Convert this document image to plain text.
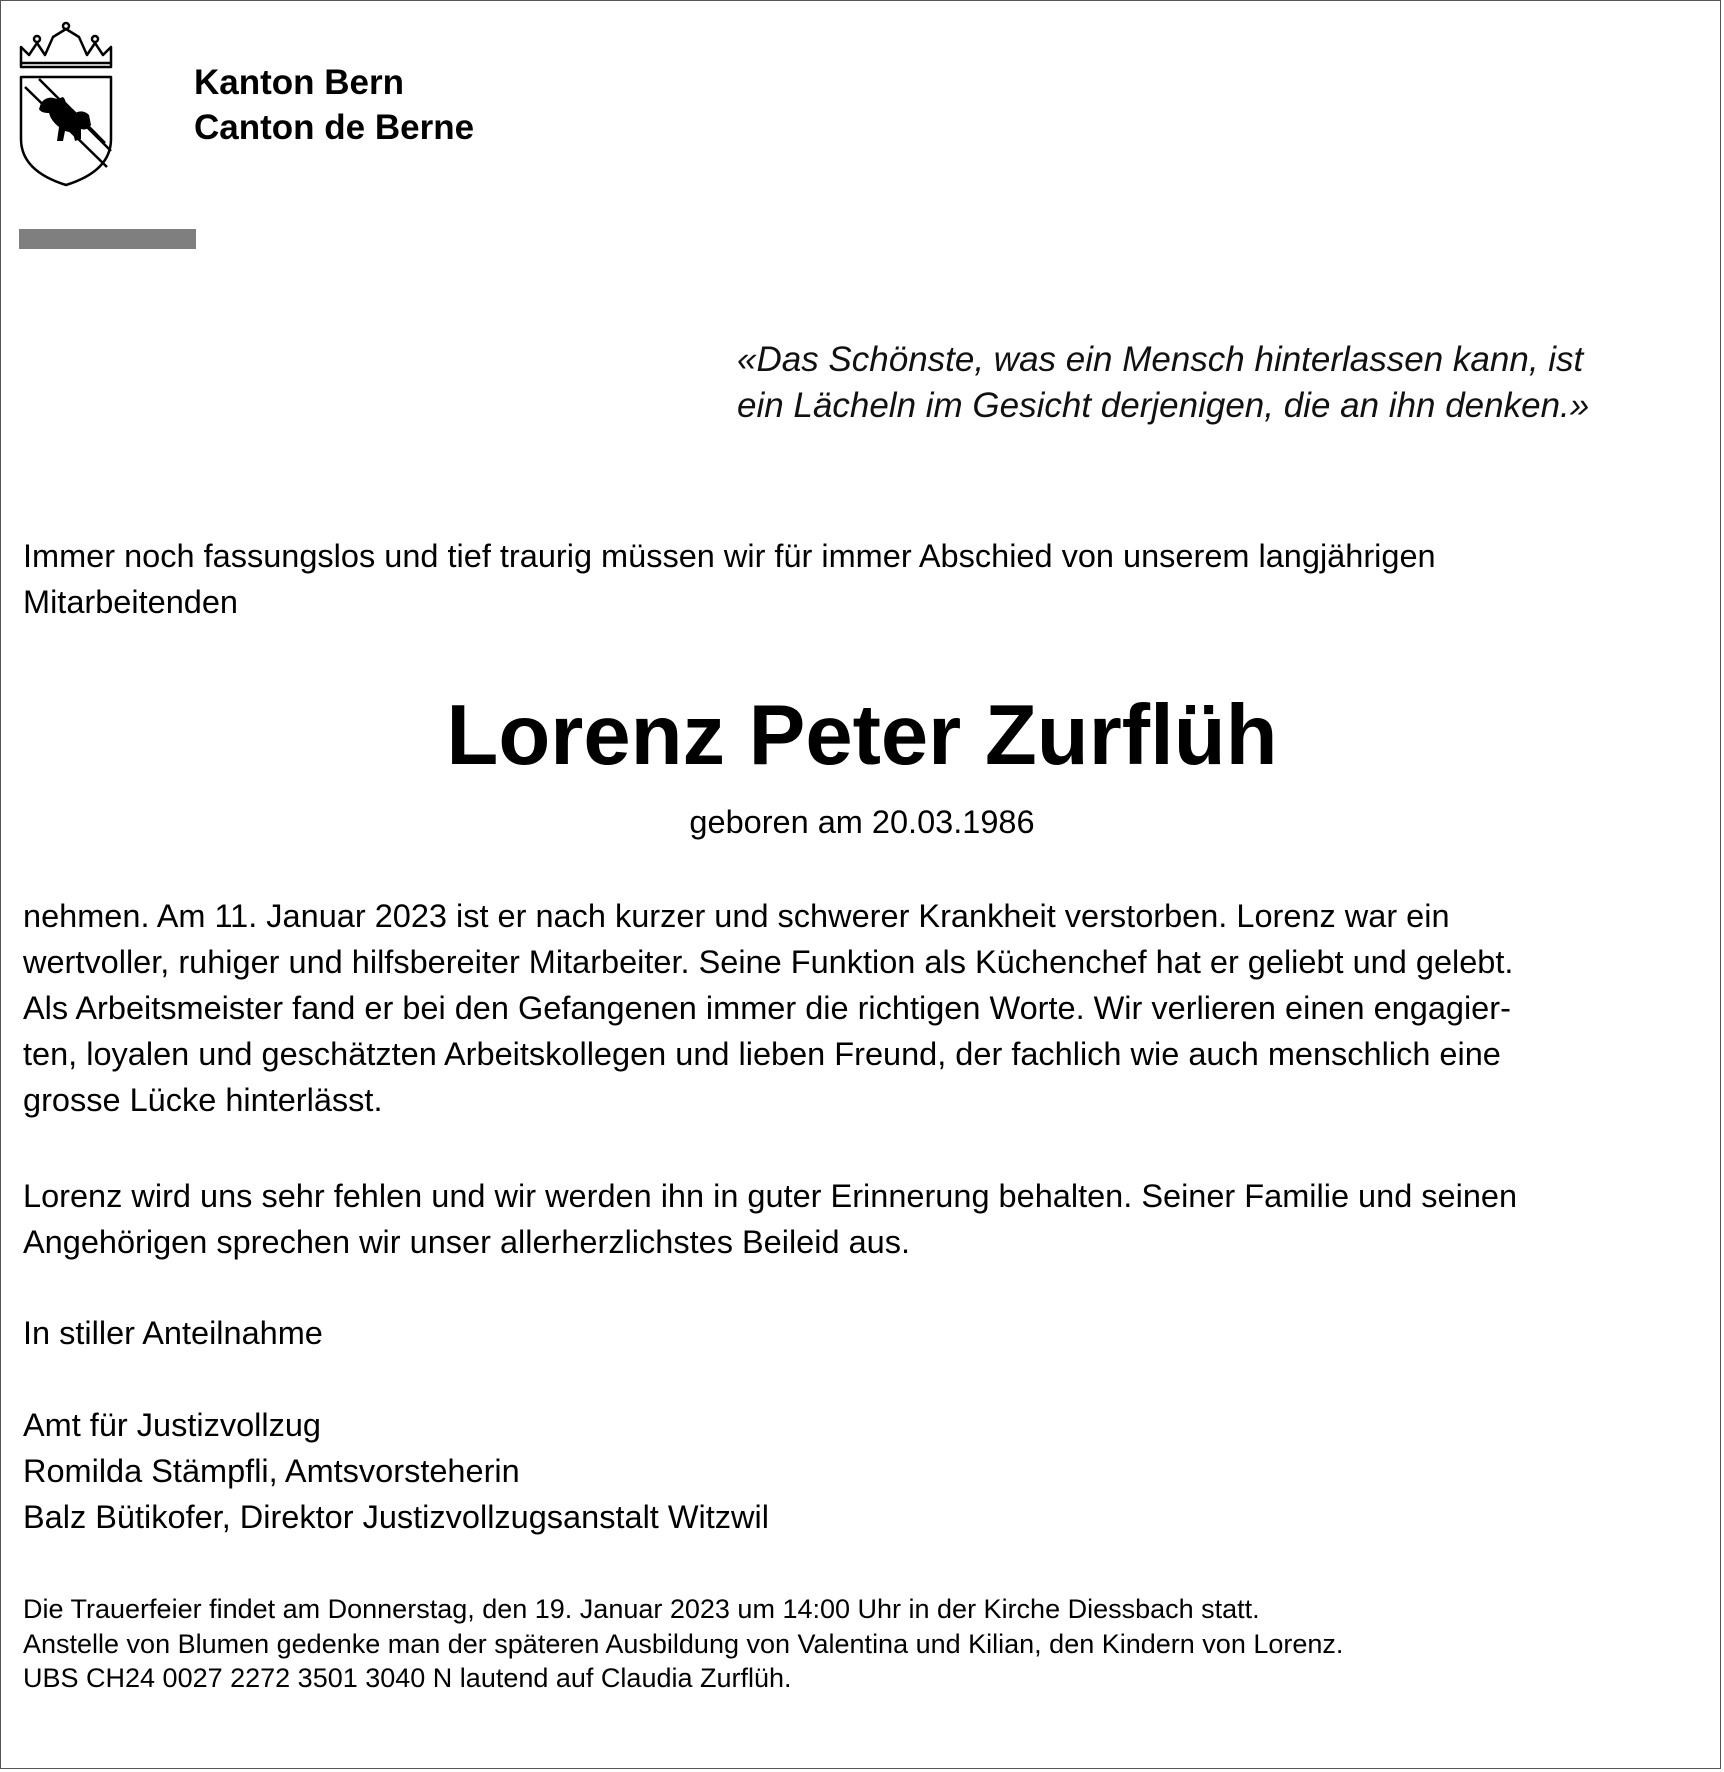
Kanton Bern
Canton de Berne
«Das Schönste, was ein Mensch hinterlassen kann, ist
ein Lächeln im Gesicht derjenigen, die an ihn denken.»
Immer noch fassungslos und tief traurig müssen wir für immer Abschied von unserem langjährigen
Mitarbeitenden
Lorenz Peter Zurflüh
geboren am 20.03.1986
nehmen. Am 11. Januar 2023 ist er nach kurzer und schwerer Krankheit verstorben. Lorenz war ein
wertvoller, ruhiger und hilfsbereiter Mitarbeiter. Seine Funktion als Küchenchef hat er geliebt und gelebt.
Als Arbeitsmeister fand er bei den Gefangenen immer die richtigen Worte. Wir verlieren einen engagier-
ten, loyalen und geschätzten Arbeitskollegen und lieben Freund, der fachlich wie auch menschlich eine
grosse Lücke hinterlässt.
Lorenz wird uns sehr fehlen und wir werden ihn in guter Erinnerung behalten. Seiner Familie und seinen
Angehörigen sprechen wir unser allerherzlichstes Beileid aus.
In stiller Anteilnahme
Amt für Justizvollzug
Romilda Stämpfli, Amtsvorsteherin
Balz Bütikofer, Direktor Justizvollzugsanstalt Witzwil
Die Trauerfeier findet am Donnerstag, den 19. Januar 2023 um 14:00 Uhr in der Kirche Diessbach statt.
Anstelle von Blumen gedenke man der späteren Ausbildung von Valentina und Kilian, den Kindern von Lorenz.
UBS CH24 0027 2272 3501 3040 N lautend auf Claudia Zurflüh.
